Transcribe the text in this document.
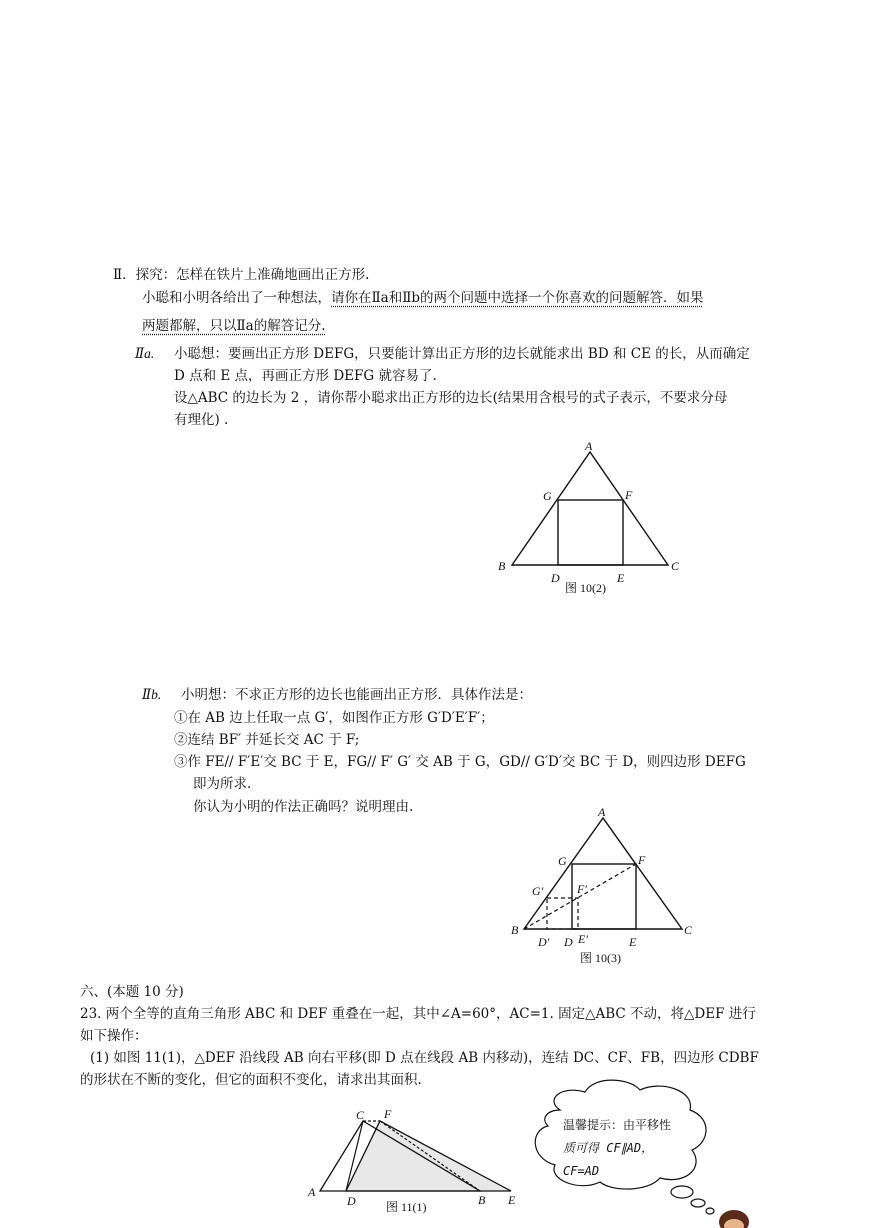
Ⅱ．探究：怎样在铁片上准确地画出正方形.
小聪和小明各给出了一种想法，请你在Ⅱa和Ⅱb的两个问题中选择一个你喜欢的问题解答．如果
两题都解，只以Ⅱa的解答记分.
Ⅱa. 小聪想：要画出正方形 DEFG，只要能计算出正方形的边长就能求出 BD 和 CE 的长，从而确定
D 点和 E 点，再画正方形 DEFG 就容易了.
设△ABC 的边长为 2 ，请你帮小聪求出正方形的边长(结果用含根号的式子表示，不要求分母
有理化) .
Ⅱb. 小明想：不求正方形的边长也能画出正方形．具体作法是：
①在 AB 边上任取一点 G′，如图作正方形 G′D′E′F′；
②连结 BF′ 并延长交 AC 于 F;
③作 FE// F′E′交 BC 于 E，FG// F′ G′ 交 AB 于 G，GD// G′D′交 BC 于 D，则四边形 DEFG
即为所求.
你认为小明的作法正确吗？说明理由.
六、(本题 10 分)
23. 两个全等的直角三角形 ABC 和 DEF 重叠在一起，其中∠A=60°，AC=1. 固定△ABC 不动，将△DEF 进行
如下操作：
(1) 如图 11(1)，△DEF 沿线段 AB 向右平移(即 D 点在线段 AB 内移动)，连结 DC、CF、FB，四边形 CDBF
的形状在不断的变化，但它的面积不变化，请求出其面积.
A
B	C
D	E
F
G
图 10(2)
A
B	C
D′ D E′	E
F
F′
G
G′
图 10(3)
A
B
C
D	E
F
图 11(1)
温馨提示：由平移性
质可得 CF∥AD，
CF=AD
